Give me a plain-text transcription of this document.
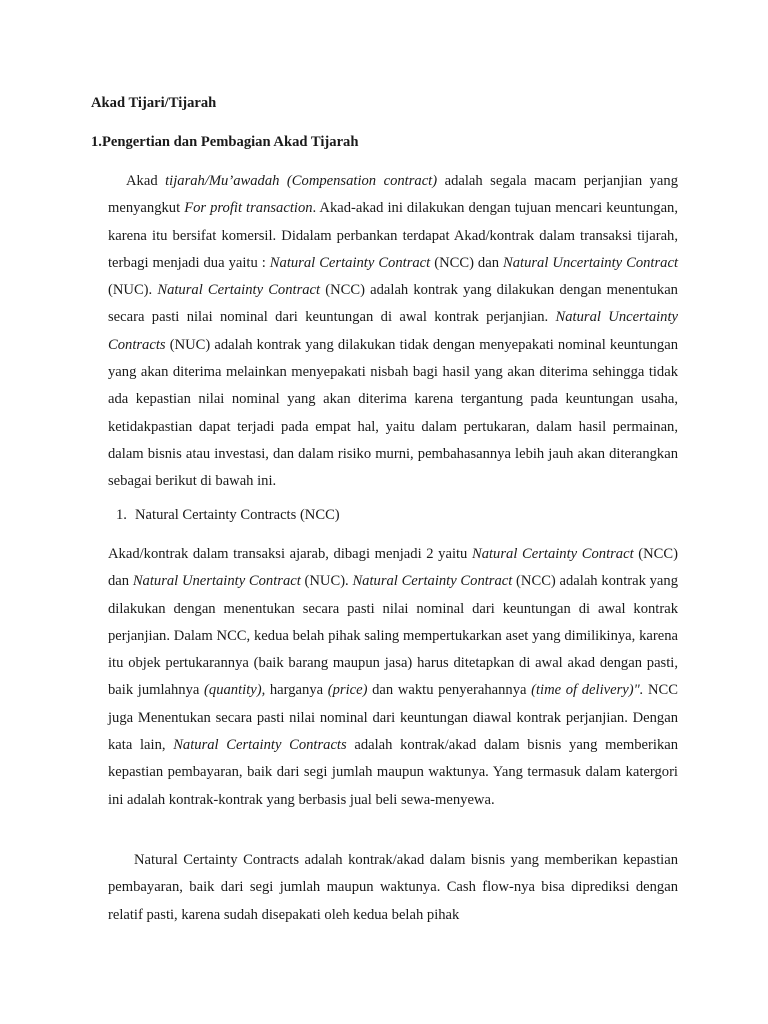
Akad Tijari/Tijarah
1.Pengertian dan Pembagian Akad Tijarah

Akad tijarah/Mu’awadah (Compensation contract) adalah segala macam perjanjian yang menyangkut For profit transaction. Akad-akad ini dilakukan dengan tujuan mencari keuntungan, karena itu bersifat komersil. Didalam perbankan terdapat Akad/kontrak dalam transaksi tijarah, terbagi menjadi dua yaitu : Natural Certainty Contract (NCC) dan Natural Uncertainty Contract (NUC). Natural Certainty Contract (NCC) adalah kontrak yang dilakukan dengan menentukan secara pasti nilai nominal dari keuntungan di awal kontrak perjanjian. Natural Uncertainty Contracts (NUC) adalah kontrak yang dilakukan tidak dengan menyepakati nominal keuntungan yang akan diterima melainkan menyepakati nisbah bagi hasil yang akan diterima sehingga tidak ada kepastian nilai nominal yang akan diterima karena tergantung pada keuntungan usaha, ketidakpastian dapat terjadi pada empat hal, yaitu dalam pertukaran, dalam hasil permainan, dalam bisnis atau investasi, dan dalam risiko murni, pembahasannya lebih jauh akan diterangkan sebagai berikut di bawah ini.

1. Natural Certainty Contracts (NCC)

Akad/kontrak dalam transaksi ajarab, dibagi menjadi 2 yaitu Natural Certainty Contract (NCC) dan Natural Unertainty Contract (NUC). Natural Certainty Contract (NCC) adalah kontrak yang dilakukan dengan menentukan secara pasti nilai nominal dari keuntungan di awal kontrak perjanjian. Dalam NCC, kedua belah pihak saling mempertukarkan aset yang dimilikinya, karena itu objek pertukarannya (baik barang maupun jasa) harus ditetapkan di awal akad dengan pasti, baik jumlahnya (quantity), harganya (price) dan waktu penyerahannya (time of delivery)". NCC juga Menentukan secara pasti nilai nominal dari keuntungan diawal kontrak perjanjian. Dengan kata lain, Natural Certainty Contracts adalah kontrak/akad dalam bisnis yang memberikan kepastian pembayaran, baik dari segi jumlah maupun waktunya. Yang termasuk dalam katergori ini adalah kontrak-kontrak yang berbasis jual beli sewa-menyewa.

Natural Certainty Contracts adalah kontrak/akad dalam bisnis yang memberikan kepastian pembayaran, baik dari segi jumlah maupun waktunya. Cash flow-nya bisa diprediksi dengan relatif pasti, karena sudah disepakati oleh kedua belah pihak
